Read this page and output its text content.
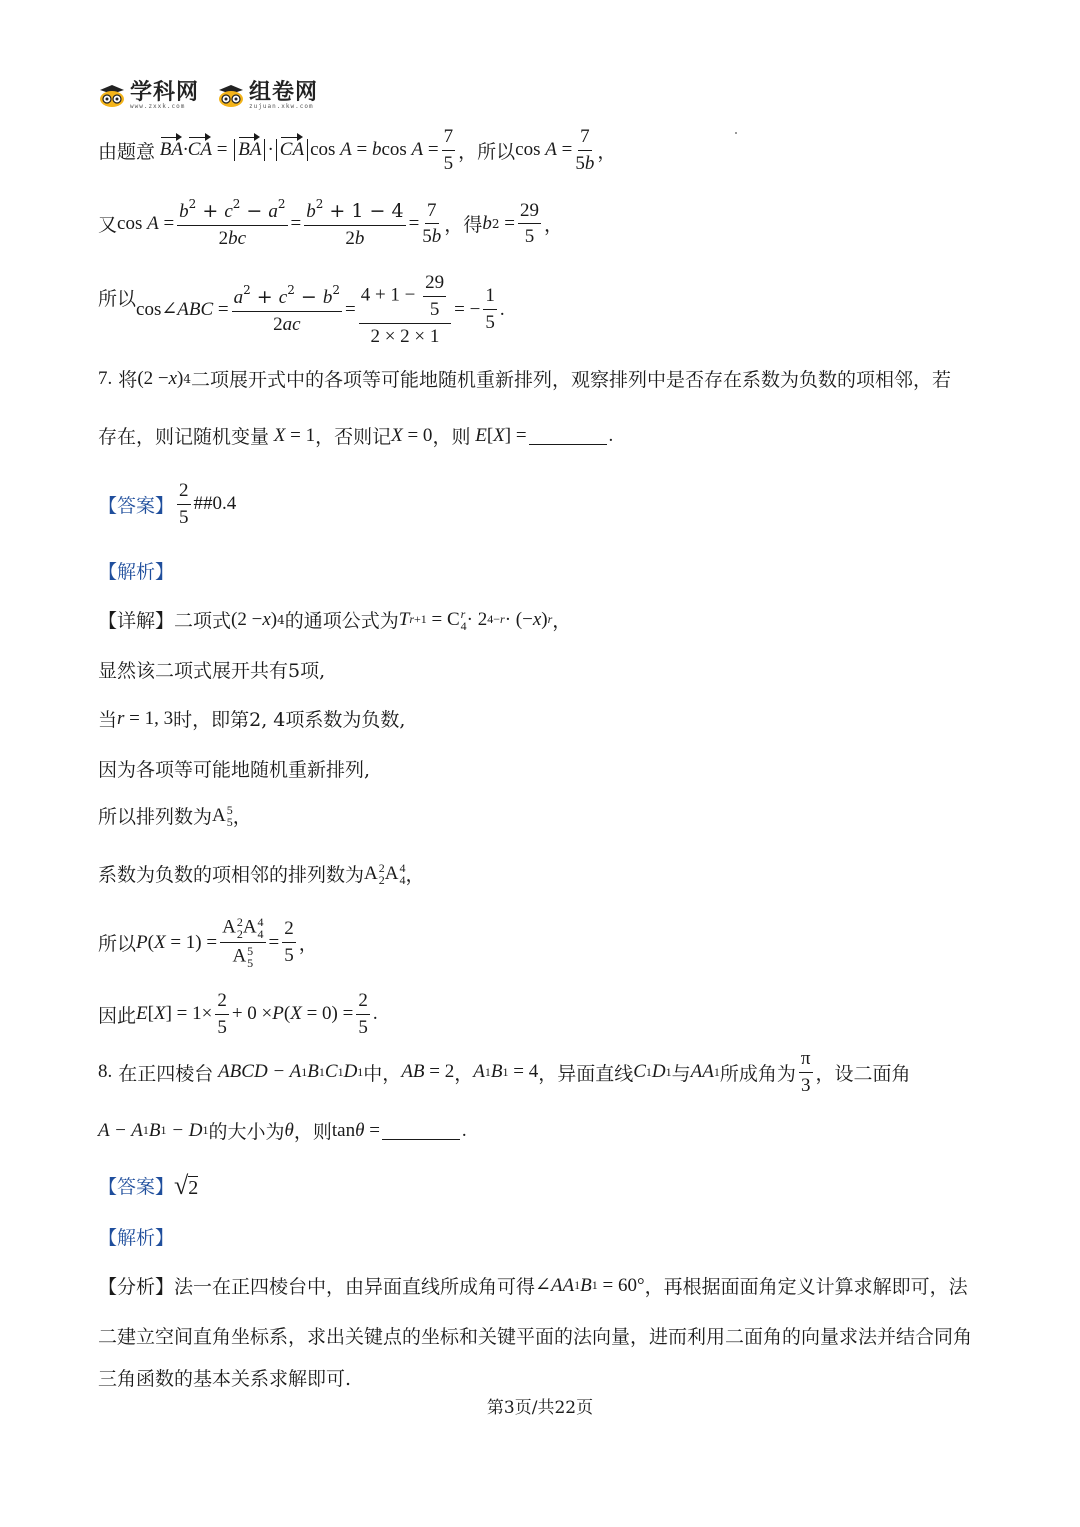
学科网
www.zxxk.com
组卷网
zujuan.xkw.com
由题意 BA·CA = BA · CA cos A = b $\cos A = \frac{7}{5}$ ， 所以 $\cos A = \frac{7}{5b}$ ，
又 $\cos A = \frac{b^2 + c^2 - a^2}{2bc} = \frac{b^2 + 1 - 4}{2b} = \frac{7}{5b}$ ， 得 b $2 = \frac{29}{5}$ ，
所以 cos∠ ABC = $\frac{a^2 + c^2 - b^2}{2ac} = \frac{4 + 1 - \frac{29}{5}}{2 \times 2 \times 1}$ = − $\frac{1}{5}$ .
7.
将 (2 − x ) 4 二项展开式中的各项等可能地随机重新排列，观察排列中是否存在系数为负数的项相邻，若
存在，则记随机变量 X = 1 ，否则记 X = 0 ，则 E [ X ] =	.
【答案】 $\frac{2}{5}$ ##0.4
【解析】
【详解】 二项式 (2 − x ) 4 的通项公式为 T r +1 = C r
4 · 2 4−r · (− x ) r ，
显然该二项式展开共有5项,
当 r = 1, 3 时，即第2, 4项系数为负数,
因为各项等可能地随机重新排列,
所以排列数为 A 5
5 ，
系数为负数的项相邻的排列数为 A 2
2 A 4
4 ，
所以 P ( X = 1) = A 2
2 A 4
4
A 5
$5 = \frac{2}{5}$ ，
因此 E [ X ] = $1\times \frac{2}{5} + 0 \times P$ ( $X = 0) = \frac{2}{5}$ .
8.
在正四棱台 ABCD − A 1 B 1 C 1 D 1 中， AB = 2 ， A 1 B 1 = 4 ， 异面直线 C 1 D 1 与 AA 1 所成角为 $\frac{\pi}{3}$ ，设二面角
A − A 1 B 1 − D 1 的大小为 θ ，则 tan θ =	.
【答案】 √2
【解析】
【分析】 法一在正四棱台中，由异面直线所成角可得 ∠ AA 1 B 1 = 60° ，再根据面面角定义计算求解即可，法
二建立空间直角坐标系，求出关键点的坐标和关键平面的法向量，进而利用二面角的向量求法并结合同角
三角函数的基本关系求解即可.
第3页/共22页
